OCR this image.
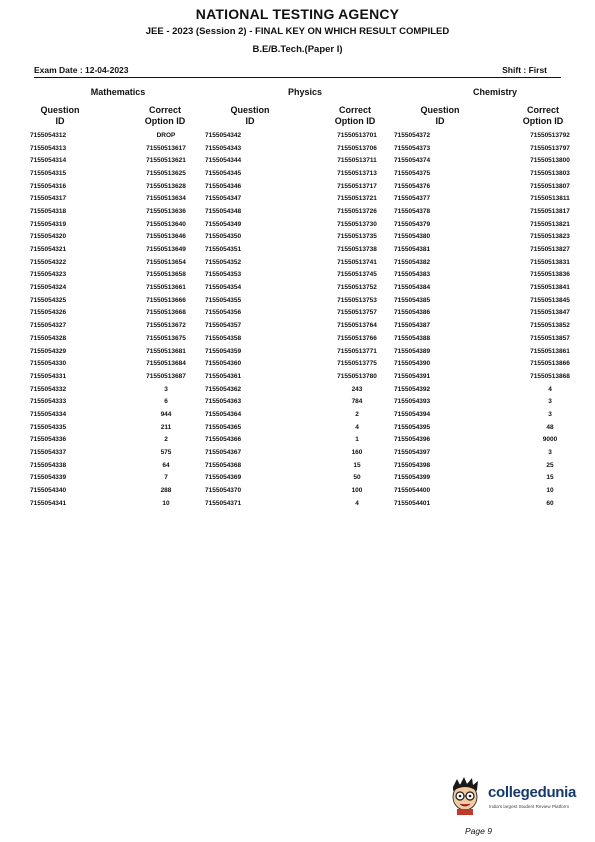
NATIONAL TESTING AGENCY
JEE - 2023 (Session 2) - FINAL KEY ON WHICH RESULT COMPILED
B.E/B.Tech.(Paper I)
Exam Date : 12-04-2023	Shift : First
Mathematics	Physics	Chemistry
Question
ID
Correct
Option ID
Question
ID
Correct
Option ID
Question
ID
Correct
Option ID
7155054312	DROP	7155054342	71550513701	7155054372	71550513792
7155054313	71550513617	7155054343	71550513706	7155054373	71550513797
7155054314	71550513621	7155054344	71550513711	7155054374	71550513800
7155054315	71550513625	7155054345	71550513713	7155054375	71550513803
7155054316	71550513628	7155054346	71550513717	7155054376	71550513807
7155054317	71550513634	7155054347	71550513721	7155054377	71550513811
7155054318	71550513636	7155054348	71550513726	7155054378	71550513817
7155054319	71550513640	7155054349	71550513730	7155054379	71550513821
7155054320	71550513646	7155054350	71550513735	7155054380	71550513823
7155054321	71550513649	7155054351	71550513738	7155054381	71550513827
7155054322	71550513654	7155054352	71550513741	7155054382	71550513831
7155054323	71550513658	7155054353	71550513745	7155054383	71550513836
7155054324	71550513661	7155054354	71550513752	7155054384	71550513841
7155054325	71550513666	7155054355	71550513753	7155054385	71550513845
7155054326	71550513668	7155054356	71550513757	7155054386	71550513847
7155054327	71550513672	7155054357	71550513764	7155054387	71550513852
7155054328	71550513675	7155054358	71550513766	7155054388	71550513857
7155054329	71550513681	7155054359	71550513771	7155054389	71550513861
7155054330	71550513684	7155054360	71550513775	7155054390	71550513866
7155054331	71550513687	7155054361	71550513780	7155054391	71550513868
7155054332	3	7155054362	243	7155054392	4
7155054333	6	7155054363	784	7155054393	3
7155054334	944	7155054364	2	7155054394	3
7155054335	211	7155054365	4	7155054395	48
7155054336	2	7155054366	1	7155054396	9000
7155054337	575	7155054367	160	7155054397	3
7155054338	64	7155054368	15	7155054398	25
7155054339	7	7155054369	50	7155054399	15
7155054340	288	7155054370	100	7155054400	10
7155054341	10	7155054371	4	7155054401	60
collegedunia
India's largest Student Review Platform
Page 9
